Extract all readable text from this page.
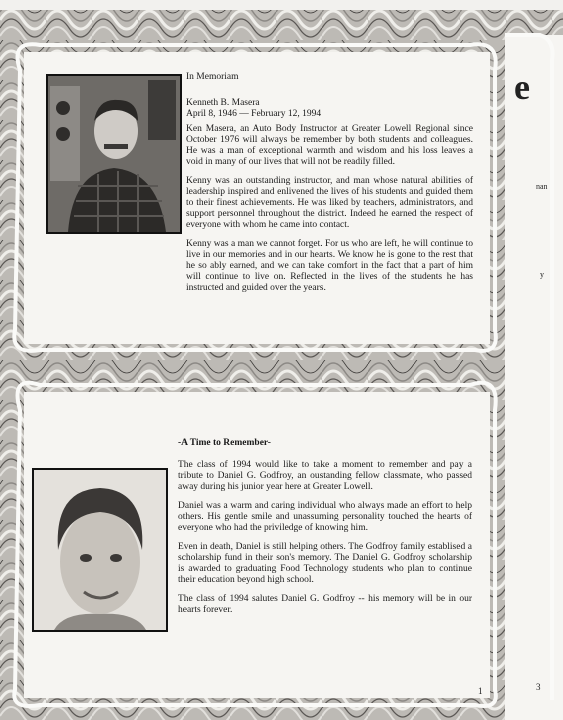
e
nan
y
In Memoriam
Kenneth B. Masera
April 8, 1946 — February 12, 1994

Ken Masera, an Auto Body Instructor at Greater Lowell Regional since October 1976 will always be remember by both students and colleagues. He was a man of exceptional warmth and wisdom and his loss leaves a void in many of our lives that will not be readily filled.

Kenny was an outstanding instructor, and man whose natural abilities of leadership inspired and enlivened the lives of his students and guided them to their finest achievements. He was liked by teachers, administrators, and support personnel throughout the district. Indeed he earned the respect of everyone with whom he came into contact.

Kenny was a man we cannot forget. For us who are left, he will continue to live in our memories and in our hearts. We know he is gone to the rest that he so ably earned, and we can take comfort in the fact that a part of him will continue to live on. Reflected in the lives of the students he has instructed and guided over the years.

-A Time to Remember-

The class of 1994 would like to take a moment to remember and pay a tribute to Daniel G. Godfroy, an oustanding fellow classmate, who passed away during his junior year here at Greater Lowell.

Daniel was a warm and caring individual who always made an effort to help others. His gentle smile and unassuming personality touched the hearts of everyone who had the priviledge of knowing him.

Even in death, Daniel is still helping others. The Godfroy family establised a scholarship fund in their son's memory. The Daniel G. Godfroy scholarship is awarded to graduating Food Technology students who plan to continue their education beyond high school.

The class of 1994 salutes Daniel G. Godfroy -- his memory will be in our hearts forever.

1	3
